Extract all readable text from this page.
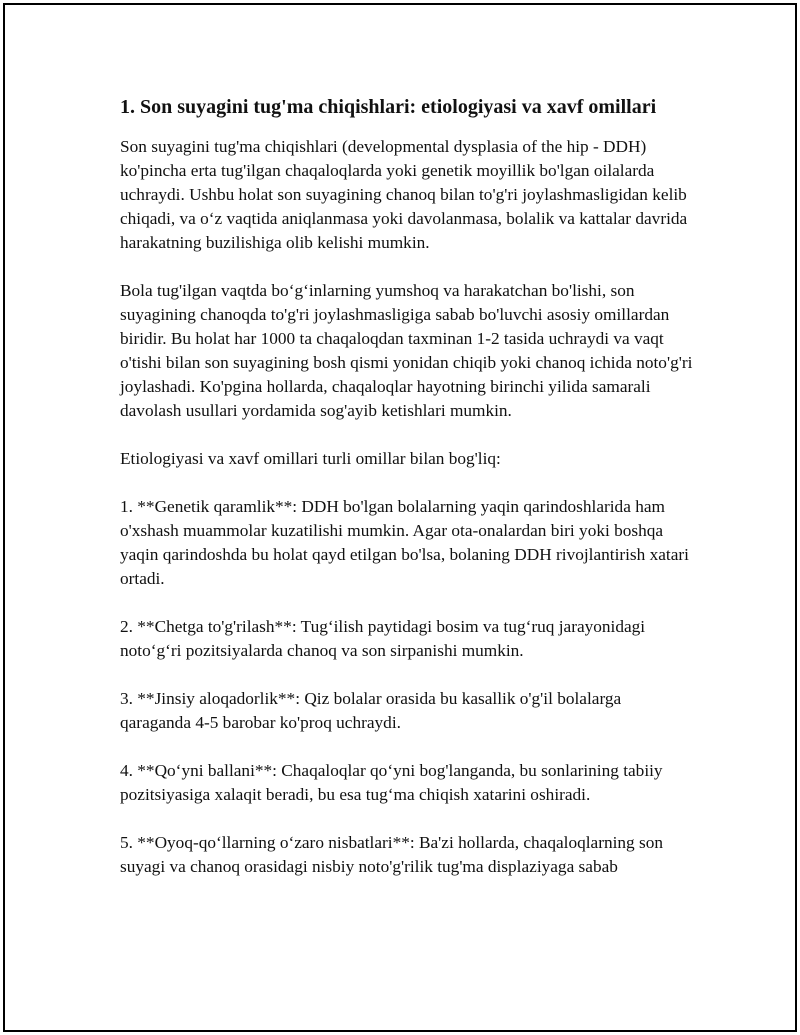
1. Son suyagini tug'ma chiqishlari: etiologiyasi va xavf omillari

Son suyagini tug'ma chiqishlari (developmental dysplasia of the hip - DDH) ko'pincha erta tug'ilgan chaqaloqlarda yoki genetik moyillik bo'lgan oilalarda uchraydi. Ushbu holat son suyagining chanoq bilan to'g'ri joylashmasligidan kelib chiqadi, va o‘z vaqtida aniqlanmasa yoki davolanmasa, bolalik va kattalar davrida harakatning buzilishiga olib kelishi mumkin.

Bola tug'ilgan vaqtda bo‘g‘inlarning yumshoq va harakatchan bo'lishi, son suyagining chanoqda to'g'ri joylashmasligiga sabab bo'luvchi asosiy omillardan biridir. Bu holat har 1000 ta chaqaloqdan taxminan 1-2 tasida uchraydi va vaqt o'tishi bilan son suyagining bosh qismi yonidan chiqib yoki chanoq ichida noto'g'ri joylashadi. Ko'pgina hollarda, chaqaloqlar hayotning birinchi yilida samarali davolash usullari yordamida sog'ayib ketishlari mumkin.

Etiologiyasi va xavf omillari turli omillar bilan bog'liq:

1. **Genetik qaramlik**: DDH bo'lgan bolalarning yaqin qarindoshlarida ham o'xshash muammolar kuzatilishi mumkin. Agar ota-onalardan biri yoki boshqa yaqin qarindoshda bu holat qayd etilgan bo'lsa, bolaning DDH rivojlantirish xatari ortadi.

2. **Chetga to'g'rilash**: Tug‘ilish paytidagi bosim va tug‘ruq jarayonidagi noto‘g‘ri pozitsiyalarda chanoq va son sirpanishi mumkin.

3. **Jinsiy aloqadorlik**: Qiz bolalar orasida bu kasallik o'g'il bolalarga qaraganda 4-5 barobar ko'proq uchraydi.

4. **Qo‘yni ballani**: Chaqaloqlar qo‘yni bog'langanda, bu sonlarining tabiiy pozitsiyasiga xalaqit beradi, bu esa tug‘ma chiqish xatarini oshiradi.

5. **Oyoq-qo‘llarning o‘zaro nisbatlari**: Ba'zi hollarda, chaqaloqlarning son suyagi va chanoq orasidagi nisbiy noto'g'rilik tug'ma displaziyaga sabab
